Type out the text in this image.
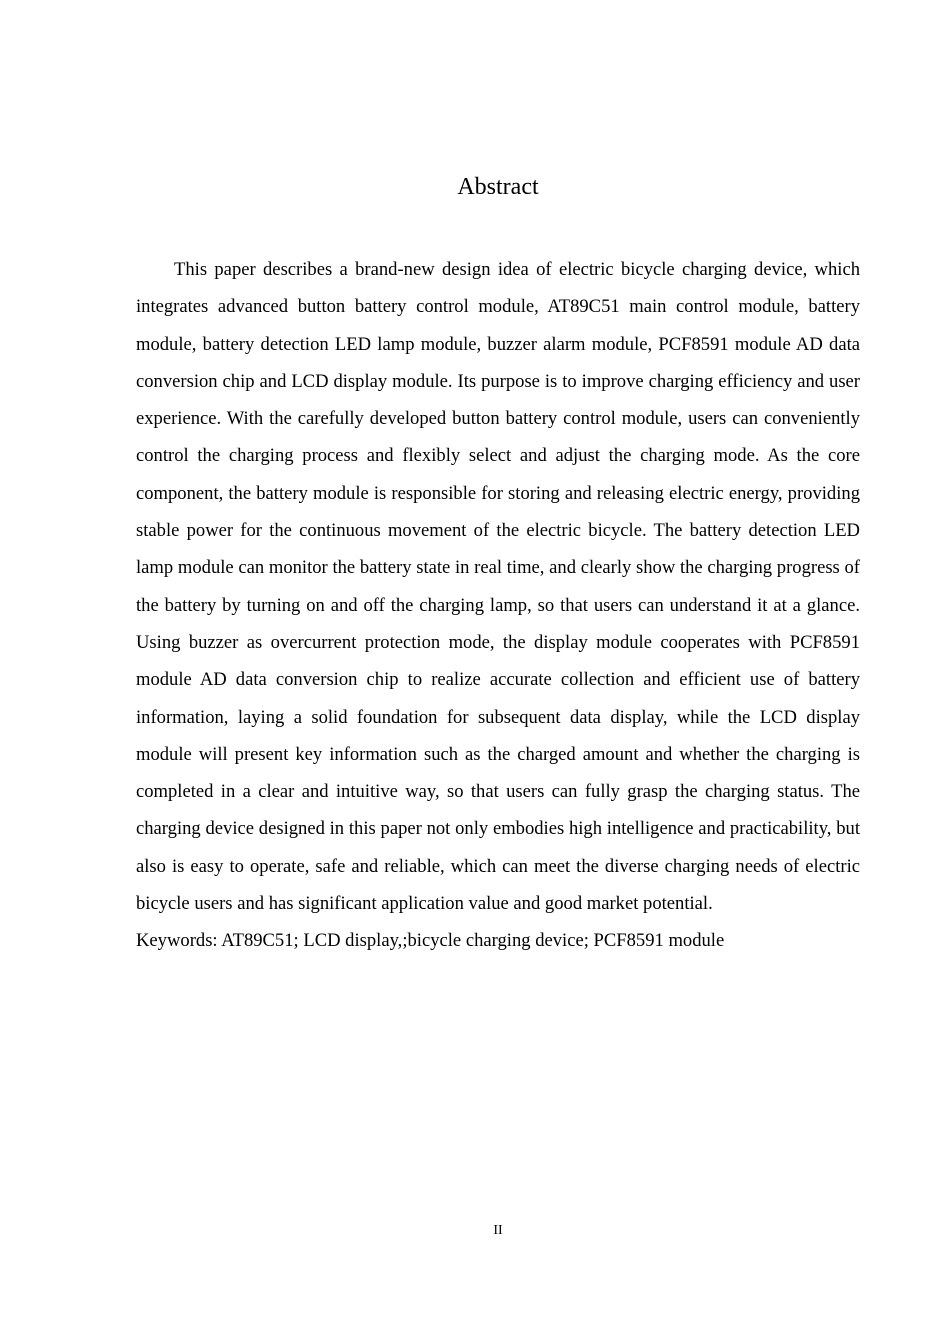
Abstract

This paper describes a brand-new design idea of electric bicycle charging device, which integrates advanced button battery control module, AT89C51 main control module, battery module, battery detection LED lamp module, buzzer alarm module, PCF8591 module AD data conversion chip and LCD display module. Its purpose is to improve charging efficiency and user experience. With the carefully developed button battery control module, users can conveniently control the charging process and flexibly select and adjust the charging mode. As the core component, the battery module is responsible for storing and releasing electric energy, providing stable power for the continuous movement of the electric bicycle. The battery detection LED lamp module can monitor the battery state in real time, and clearly show the charging progress of the battery by turning on and off the charging lamp, so that users can understand it at a glance. Using buzzer as overcurrent protection mode, the display module cooperates with PCF8591 module AD data conversion chip to realize accurate collection and efficient use of battery information, laying a solid foundation for subsequent data display, while the LCD display module will present key information such as the charged amount and whether the charging is completed in a clear and intuitive way, so that users can fully grasp the charging status. The charging device designed in this paper not only embodies high intelligence and practicability, but also is easy to operate, safe and reliable, which can meet the diverse charging needs of electric bicycle users and has significant application value and good market potential.

Keywords: AT89C51; LCD display,;bicycle charging device; PCF8591 module

II
